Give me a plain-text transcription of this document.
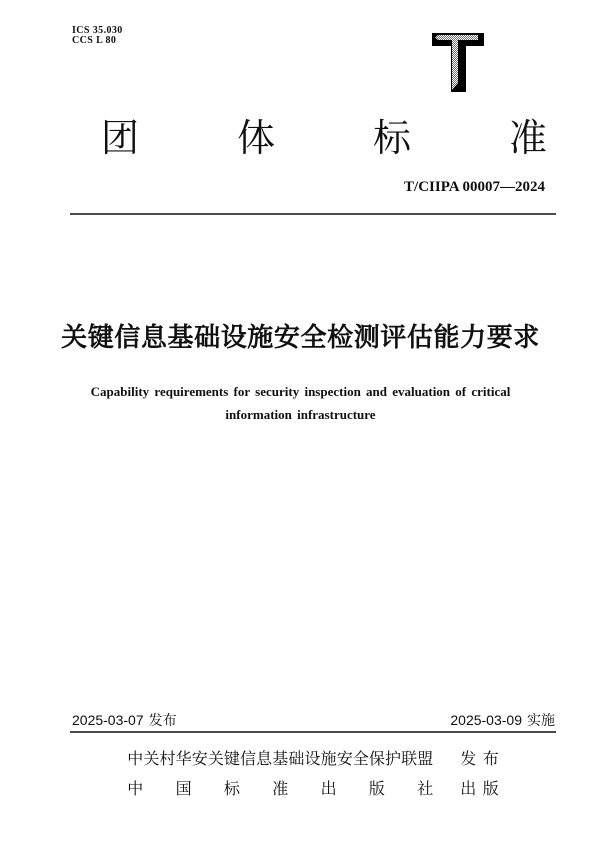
ICS 35.030
CCS L 80
团体标准
T/CIIPA 00007—2024
关键信息基础设施安全检测评估能力要求
Capability requirements for security inspection and evaluation of critical
information infrastructure
2025-03-07 发布	2025-03-09 实施
中关村华安关键信息基础设施安全保护联盟 发 布
中国标准出版社 出 版
